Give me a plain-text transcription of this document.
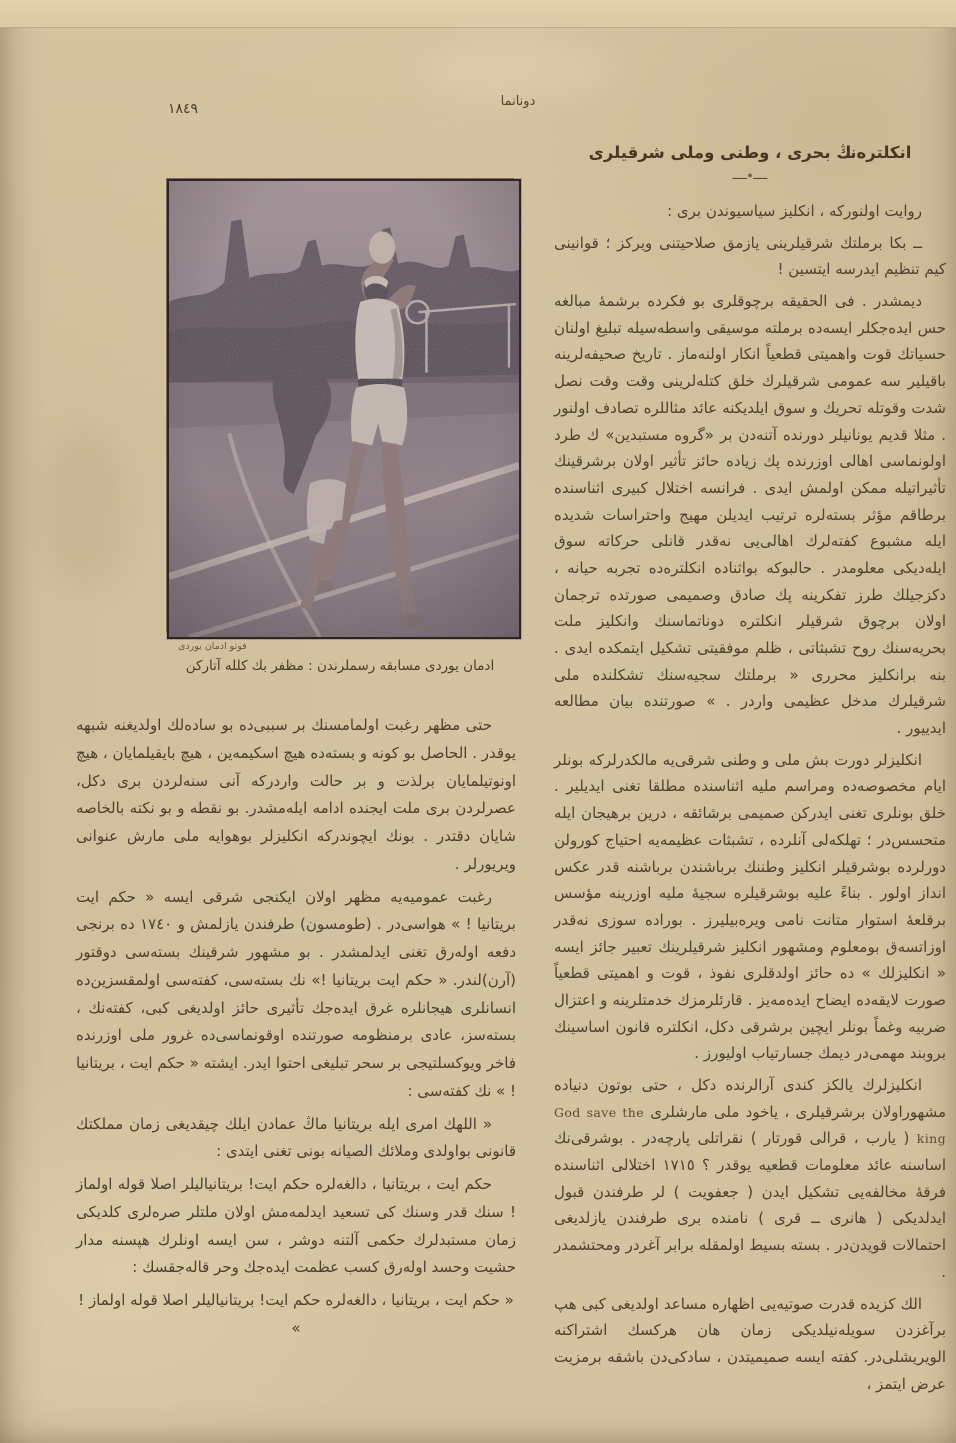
١٨٤٩	دونانما
فوتو ادمان يوردى
ادمان يوردى مسابقه رسملرندن : مظفر بك كلله آتاركن
انكلتره‌نڭ بحرى ، وطنى وملى شرقيلرى
ــــ٭ــــ

روايت اولنوركه ، انكليز سياسيوندن برى :

ــ بكا برملتك شرقيلرينى يازمق صلاحيتنى ويركز ؛ قوانينى كيم تنظيم ايدرسه ايتسين !

ديمشدر . فى الحقيقه برچوقلرى بو فكرده برشمهٔ مبالغه حس ايده‌جكلر ايسه‌ده برملته موسيقى واسطه‌سيله تبليغ اولنان حسياتك قوت واهميتى قطعياً انكار اولنه‌ماز . تاريخ صحيفه‌لرينه باقيلير سه عمومى شرقيلرك خلق كتله‌لرينى وقت وقت نصل شدت وقوتله تحريك و سوق ايلديكنه عائد مثاللره تصادف اولنور . مثلا قديم يونانيلر دورنده آتنه‌دن بر «گروه مستبدين» ك طرد اولونماسى اهالى اوزرنده پك زياده حائز تأثير اولان برشرقينك تأثيراتيله ممكن اولمش ايدى . فرانسه اختلال كبيرى اثناسنده برطاقم مؤثر بسته‌لره ترتيب ايديلن مهيج واحتراسات شديده ايله مشبوع كفته‌لرك اهالى‌يى نه‌قدر قانلى حركاته سوق ايله‌ديكى معلومدر . حالبوكه بواثناده انكلتره‌ده تجربه حيانه ، دكزجيلك طرز تفكرينه پك صادق وصميمى صورتده ترجمان اولان برچوق شرقيلر انكلتره دوناتماسنك وانكليز ملت بحريه‌سنك روح تشبثاتى ، ظلم موفقيتى تشكيل ايتمكده ايدى . بنه برانكليز محررى « برملتك سجيه‌سنك تشكلنده ملى شرقيلرك مدخل عظيمى واردر . » صورتنده بيان مطالعه ايدييور .

انكليزلر دورت بش ملى و وطنى شرقى‌يه مالكدرلركه بونلر ايام مخصوصه‌ده ومراسم مليه اثناسنده مطلقا تغنى ايديلير . خلق بونلرى تغنى ايدركن صميمى برشائقه ، درين برهيجان ايله متحسس‌در ؛ تهلكه‌لى آنلرده ، تشبثات عظيمه‌يه احتياج كورولن دورلرده بوشرقيلر انكليز وطننك برباشندن برباشنه قدر عكس انداز اولور . بناءً عليه بوشرقيلره سجيهٔ مليه اوزرينه مؤسس برقلعهٔ استوار متانت نامى ويره‌بيليرز . بوراده سوزى نه‌قدر اوزاتسه‌ق بومعلوم ومشهور انكليز شرقيلرينك تعبير جائز ايسه « انكليزلك » ده حائز اولدقلرى نفوذ ، قوت و اهميتى قطعياً صورت لايقه‌ده ايضاح ايده‌مه‌يز . قارئلرمزك خدمتلرينه و اعتزال ضربيه وغماً بونلر ايچين برشرقى دكل، انكلتره قانون اساسينك بروبند مهمى‌در ديمك جسارتياب اوليورز .

انكليزلرك يالكز كندى آرالرنده دكل ، حتى بوتون دنياده مشهوراولان برشرقيلرى ، ياخود ملى مارشلرى God save the king ( يارب ، قرالى قورتار ) نقراتلى پارچه‌در . بوشرقى‌نك اساسنه عائد معلومات قطعيه يوقدر ؟ ١٧١٥ اختلالى اثناسنده فرقهٔ مخالفه‌يى تشكيل ايدن ( جعفويت ) لر طرفندن قبول ايدلديكى ( هانرى ــ قرى ) نامنده برى طرفندن يازلديغى احتمالات قويدن‌در . بسته بسيط اولمقله برابر آغردر ومحتشمدر .

الك كزيده قدرت صوتيه‌يى اظهاره مساعد اولديغى كبى هپ برآغزدن سويله‌نيلديكى زمان هان هركسك اشتراكنه الويريشلى‌در. كفته ايسه صميميتدن ، سادكى‌دن باشقه برمزيت عرض ايتمز ،

حتى مظهر رغبت اولمامسنك بر سببى‌ده بو ساده‌لك اولديغنه شبهه يوقدر . الحاصل بو كونه و بسته‌ده هيچ اسكيمه‌ين ، هيچ بايقيلمايان ، هيچ اونوتيلمايان برلذت و بر حالت واردركه آنى سنه‌لردن برى دكل، عصرلردن برى ملت ايجنده ادامه ايله‌مشدر. بو نقطه و بو نكته بالخاصه شايان دقتدر . بونك ايچوندركه انكليزلر بوهوايه ملى مارش عنوانى ويريورلر .

رغبت عموميه‌يه مظهر اولان ايكنجى شرقى ايسه « حكم ايت بريتانيا ! » هواسى‌در . (طومسون) طرفندن يازلمش و ١٧٤٠ ده برنجى دفعه اوله‌رق تغنى ايدلمشدر . بو مشهور شرقينك بسته‌سى دوقتور (آرن)لندر. « حكم ايت بريتانيا !» نك بسته‌سى، كفته‌سى اولمقسزين‌ده انسانلرى هيجانلره غرق ايده‌جك تأثيرى حائز اولديغى كبى، كفته‌نك ، بسته‌سز، عادى برمنظومه صورتنده اوقونماسى‌ده غرور ملى اوزرنده فاخر ويوكسلتيجى بر سحر تبليغى احتوا ايدر. ايشته « حكم ايت ، بريتانيا ! » نك كفته‌سى :

« اللهك امرى ايله بريتانيا ماڭ عمادن ايلك چيقديغى زمان مملكتك قانونى بواولدى وملائك الصيانه بونى تغنى ايتدى :

حكم ايت ، بريتانيا ، دالغه‌لره حكم ايت! بريتانيا‌ليلر اصلا قوله اولماز ! سنك قدر وسنك كى تسعيد ايدلمه‌مش اولان ملتلر صره‌لرى كلديكى زمان مستبدلرك حكمى آلتنه دوشر ، سن ايسه اونلرك هپسنه مدار حشيت وحسد اوله‌رق كسب عظمت ايده‌جك وحر قاله‌جقسك :

« حكم ايت ، بريتانيا ، دالغه‌لره حكم ايت! بريتانيا‌ليلر اصلا قوله اولماز ! »
